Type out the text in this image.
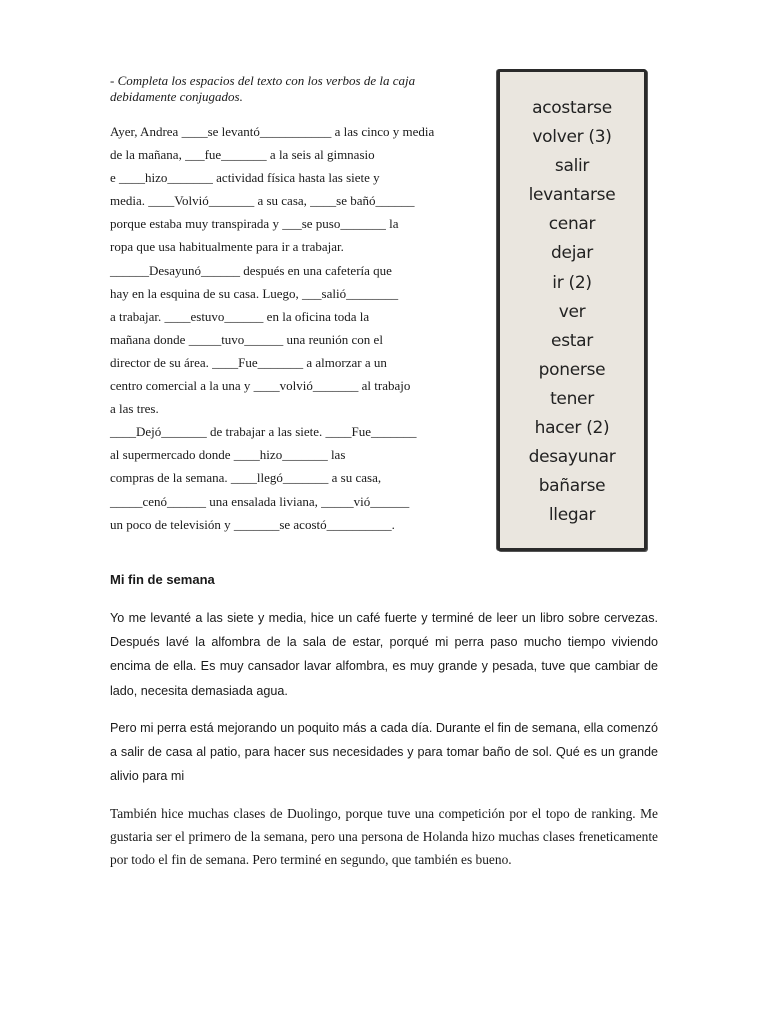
- Completa los espacios del texto con los verbos de la caja debidamente conjugados.

Ayer, Andrea ____se levantó___________ a las cinco y media
de la mañana, ___fue_______ a la seis al gimnasio
e ____hizo_______ actividad física hasta las siete y
media. ____Volvió_______ a su casa, ____se bañó______
porque estaba muy transpirada y ___se puso_______ la
ropa que usa habitualmente para ir a trabajar.
______Desayunó______ después en una cafetería que
hay en la esquina de su casa. Luego, ___salió________
a trabajar. ____estuvo______ en la oficina toda la
mañana donde _____tuvo______ una reunión con el
director de su área. ____Fue_______ a almorzar a un
centro comercial a la una y ____volvió_______ al trabajo
a las tres.
____Dejó_______ de trabajar a las siete. ____Fue_______
al supermercado donde ____hizo_______ las
compras de la semana. ____llegó_______ a su casa,
_____cenó______ una ensalada liviana, _____vió______
un poco de televisión y _______se acostó__________.
acostarse
volver (3)
salir
levantarse
cenar
dejar
ir (2)
ver
estar
ponerse
tener
hacer (2)
desayunar
bañarse
llegar
Mi fin de semana

Yo me levanté a las siete y media, hice un café fuerte y terminé de leer un libro sobre cervezas. Después lavé la alfombra de la sala de estar, porqué mi perra paso mucho tiempo viviendo encima de ella. Es muy cansador lavar alfombra, es muy grande y pesada, tuve que cambiar de lado, necesita demasiada agua.

Pero mi perra está mejorando un poquito más a cada día. Durante el fin de semana, ella comenzó a salir de casa al patio, para hacer sus necesidades y para tomar baño de sol. Qué es un grande alivio para mi

También hice muchas clases de Duolingo, porque tuve una competición por el topo de ranking. Me gustaria ser el primero de la semana, pero una persona de Holanda hizo muchas clases freneticamente por todo el fin de semana. Pero terminé en segundo, que también es bueno.
